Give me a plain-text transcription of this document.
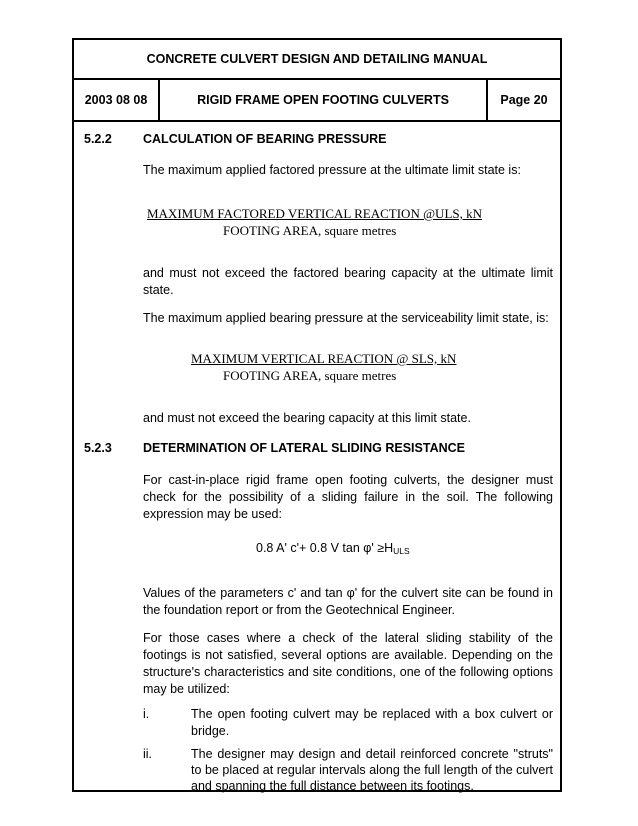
CONCRETE CULVERT DESIGN AND DETAILING MANUAL
2003 08 08	RIGID FRAME OPEN FOOTING CULVERTS	Page 20
5.2.2 CALCULATION OF BEARING PRESSURE
The maximum applied factored pressure at the ultimate limit state is:
MAXIMUM FACTORED VERTICAL REACTION @ULS, kN
FOOTING AREA, square metres
and must not exceed the factored bearing capacity at the ultimate limit state.
The maximum applied bearing pressure at the serviceability limit state, is:
MAXIMUM VERTICAL REACTION @ SLS, kN
FOOTING AREA, square metres
and must not exceed the bearing capacity at this limit state.
5.2.3 DETERMINATION OF LATERAL SLIDING RESISTANCE
For cast-in-place rigid frame open footing culverts, the designer must check for the possibility of a sliding failure in the soil. The following expression may be used:
0.8 A' c'+ 0.8 V $\tan \varphi' \ge H_{ULS}$
Values of the parameters c' and tan φ' for the culvert site can be found in the foundation report or from the Geotechnical Engineer.
For those cases where a check of the lateral sliding stability of the footings is not satisfied, several options are available. Depending on the structure's characteristics and site conditions, one of the following options may be utilized:
i.	The open footing culvert may be replaced with a box culvert or bridge.
ii.	The designer may design and detail reinforced concrete "struts" to be placed at regular intervals along the full length of the culvert and spanning the full distance between its footings.
